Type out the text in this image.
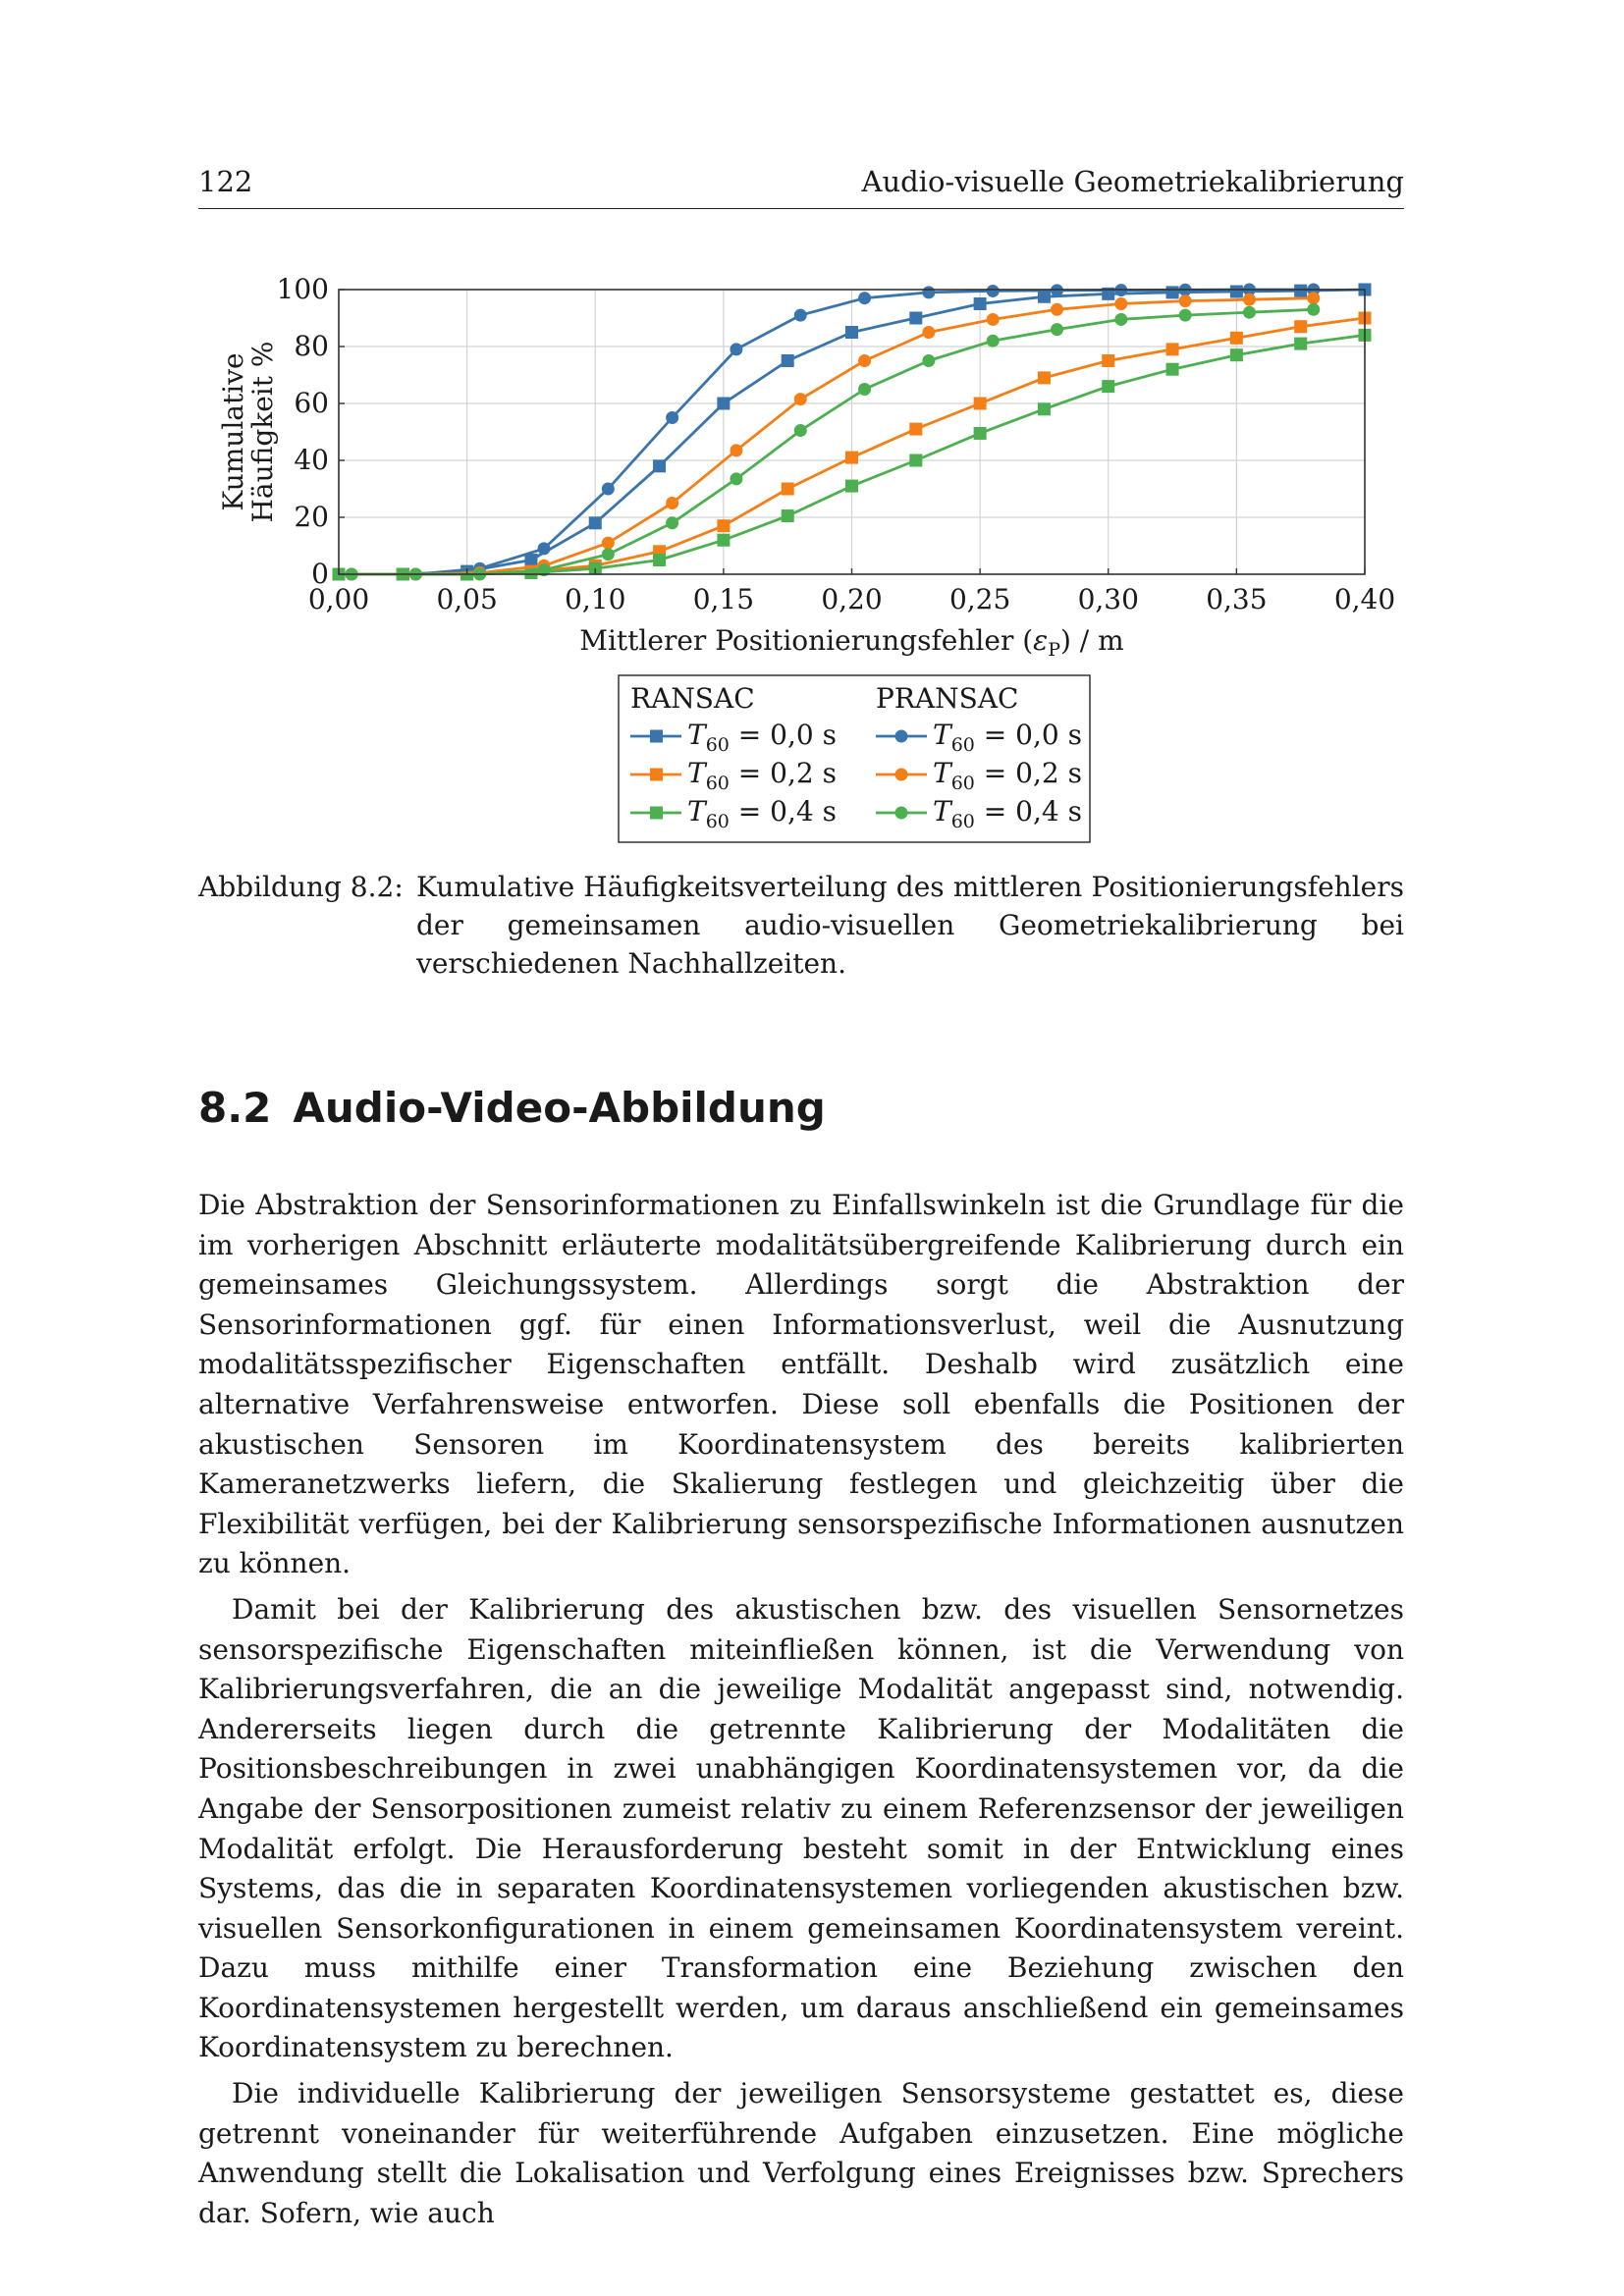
122	Audio-visuelle Geometriekalibrierung
0,00 0,05 0,10 0,15 0,20 0,25 0,30 0,35 0,40
0
20
40
60
80
100
Mittlerer Positionierungsfehler $(\varepsilon_P)$ / m
KumulativeHäufigkeit %
RANSAC	PRANSAC
$T_{60} = 0,0$ s
$T_{60} = 0,2$ s
$T_{60} = 0,4$ s
$T_{60} = 0,0$ s
$T_{60} = 0,2$ s
$T_{60} = 0,4$ s
Abbildung 8.2: Kumulative Häufigkeitsverteilung des mittleren Positionierungsfehlers der gemeinsamen audio-visuellen Geometriekalibrierung bei verschiedenen Nachhallzeiten.
8.2 Audio-Video-Abbildung

Die Abstraktion der Sensorinformationen zu Einfallswinkeln ist die Grundlage für die im vorherigen Abschnitt erläuterte modalitätsübergreifende Kalibrierung durch ein gemeinsames Gleichungssystem. Allerdings sorgt die Abstraktion der Sensorinformationen ggf. für einen Informationsverlust, weil die Ausnutzung modalitätsspezifischer Eigenschaften entfällt. Deshalb wird zusätzlich eine alternative Verfahrensweise entworfen. Diese soll ebenfalls die Positionen der akustischen Sensoren im Koordinatensystem des bereits kalibrierten Kameranetzwerks liefern, die Skalierung festlegen und gleichzeitig über die Flexibilität verfügen, bei der Kalibrierung sensorspezifische Informationen ausnutzen zu können.

Damit bei der Kalibrierung des akustischen bzw. des visuellen Sensornetzes sensorspezifische Eigenschaften miteinfließen können, ist die Verwendung von Kalibrierungsverfahren, die an die jeweilige Modalität angepasst sind, notwendig. Andererseits liegen durch die getrennte Kalibrierung der Modalitäten die Positionsbeschreibungen in zwei unabhängigen Koordinatensystemen vor, da die Angabe der Sensorpositionen zumeist relativ zu einem Referenzsensor der jeweiligen Modalität erfolgt. Die Herausforderung besteht somit in der Entwicklung eines Systems, das die in separaten Koordinatensystemen vorliegenden akustischen bzw. visuellen Sensorkonfigurationen in einem gemeinsamen Koordinatensystem vereint. Dazu muss mithilfe einer Transformation eine Beziehung zwischen den Koordinatensystemen hergestellt werden, um daraus anschließend ein gemeinsames Koordinatensystem zu berechnen.

Die individuelle Kalibrierung der jeweiligen Sensorsysteme gestattet es, diese getrennt voneinander für weiterführende Aufgaben einzusetzen. Eine mögliche Anwendung stellt die Lokalisation und Verfolgung eines Ereignisses bzw. Sprechers dar. Sofern, wie auch
